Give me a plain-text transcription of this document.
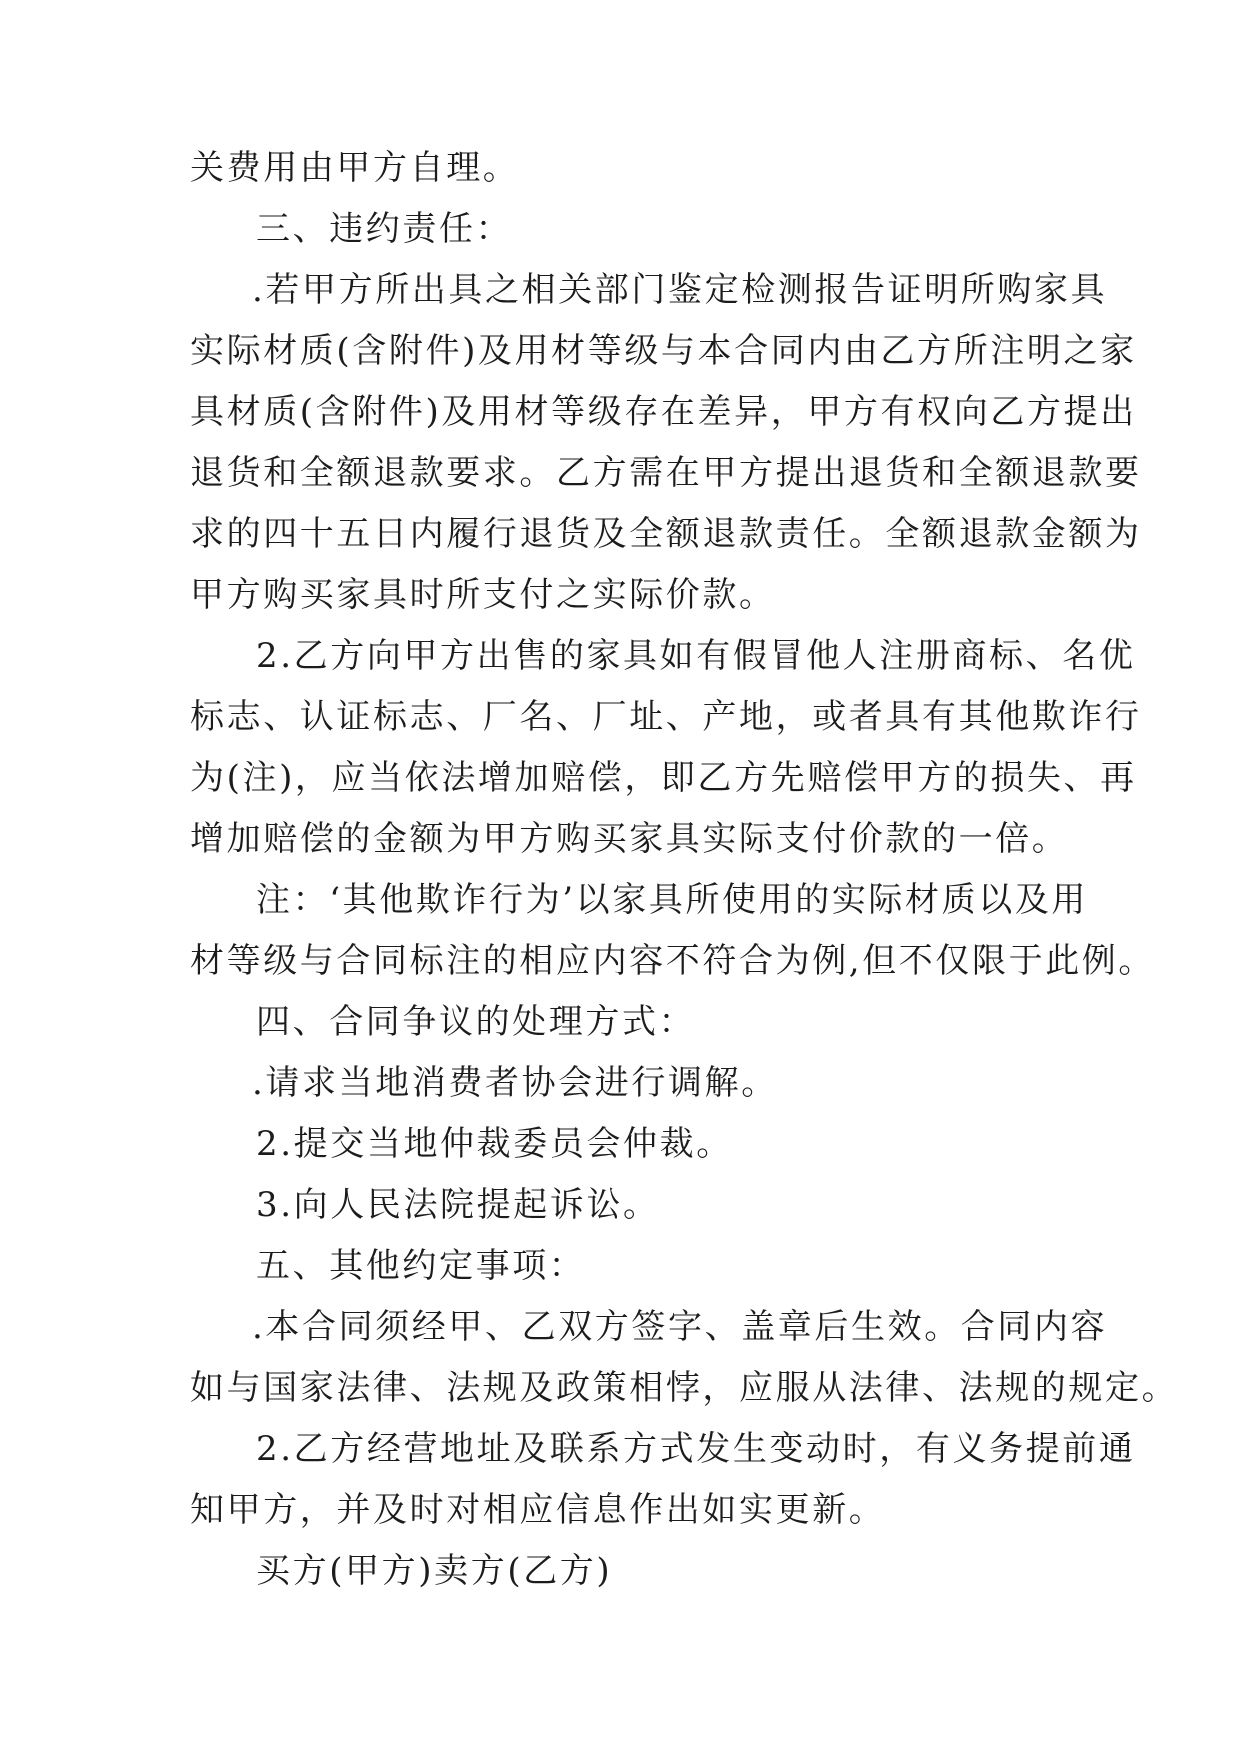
关费用由甲方自理。
三、违约责任：
.若甲方所出具之相关部门鉴定检测报告证明所购家具
实际材质(含附件)及用材等级与本合同内由乙方所注明之家
具材质(含附件)及用材等级存在差异，甲方有权向乙方提出
退货和全额退款要求。乙方需在甲方提出退货和全额退款要
求的四十五日内履行退货及全额退款责任。全额退款金额为
甲方购买家具时所支付之实际价款。
2.乙方向甲方出售的家具如有假冒他人注册商标、名优
标志、认证标志、厂名、厂址、产地，或者具有其他欺诈行
为(注)，应当依法增加赔偿，即乙方先赔偿甲方的损失、再
增加赔偿的金额为甲方购买家具实际支付价款的一倍。
注：‘其他欺诈行为’以家具所使用的实际材质以及用
材等级与合同标注的相应内容不符合为例,但不仅限于此例。
四、合同争议的处理方式：
.请求当地消费者协会进行调解。
2.提交当地仲裁委员会仲裁。
3.向人民法院提起诉讼。
五、其他约定事项：
.本合同须经甲、乙双方签字、盖章后生效。合同内容
如与国家法律、法规及政策相悖，应服从法律、法规的规定。
2.乙方经营地址及联系方式发生变动时，有义务提前通
知甲方，并及时对相应信息作出如实更新。
买方(甲方)卖方(乙方)
